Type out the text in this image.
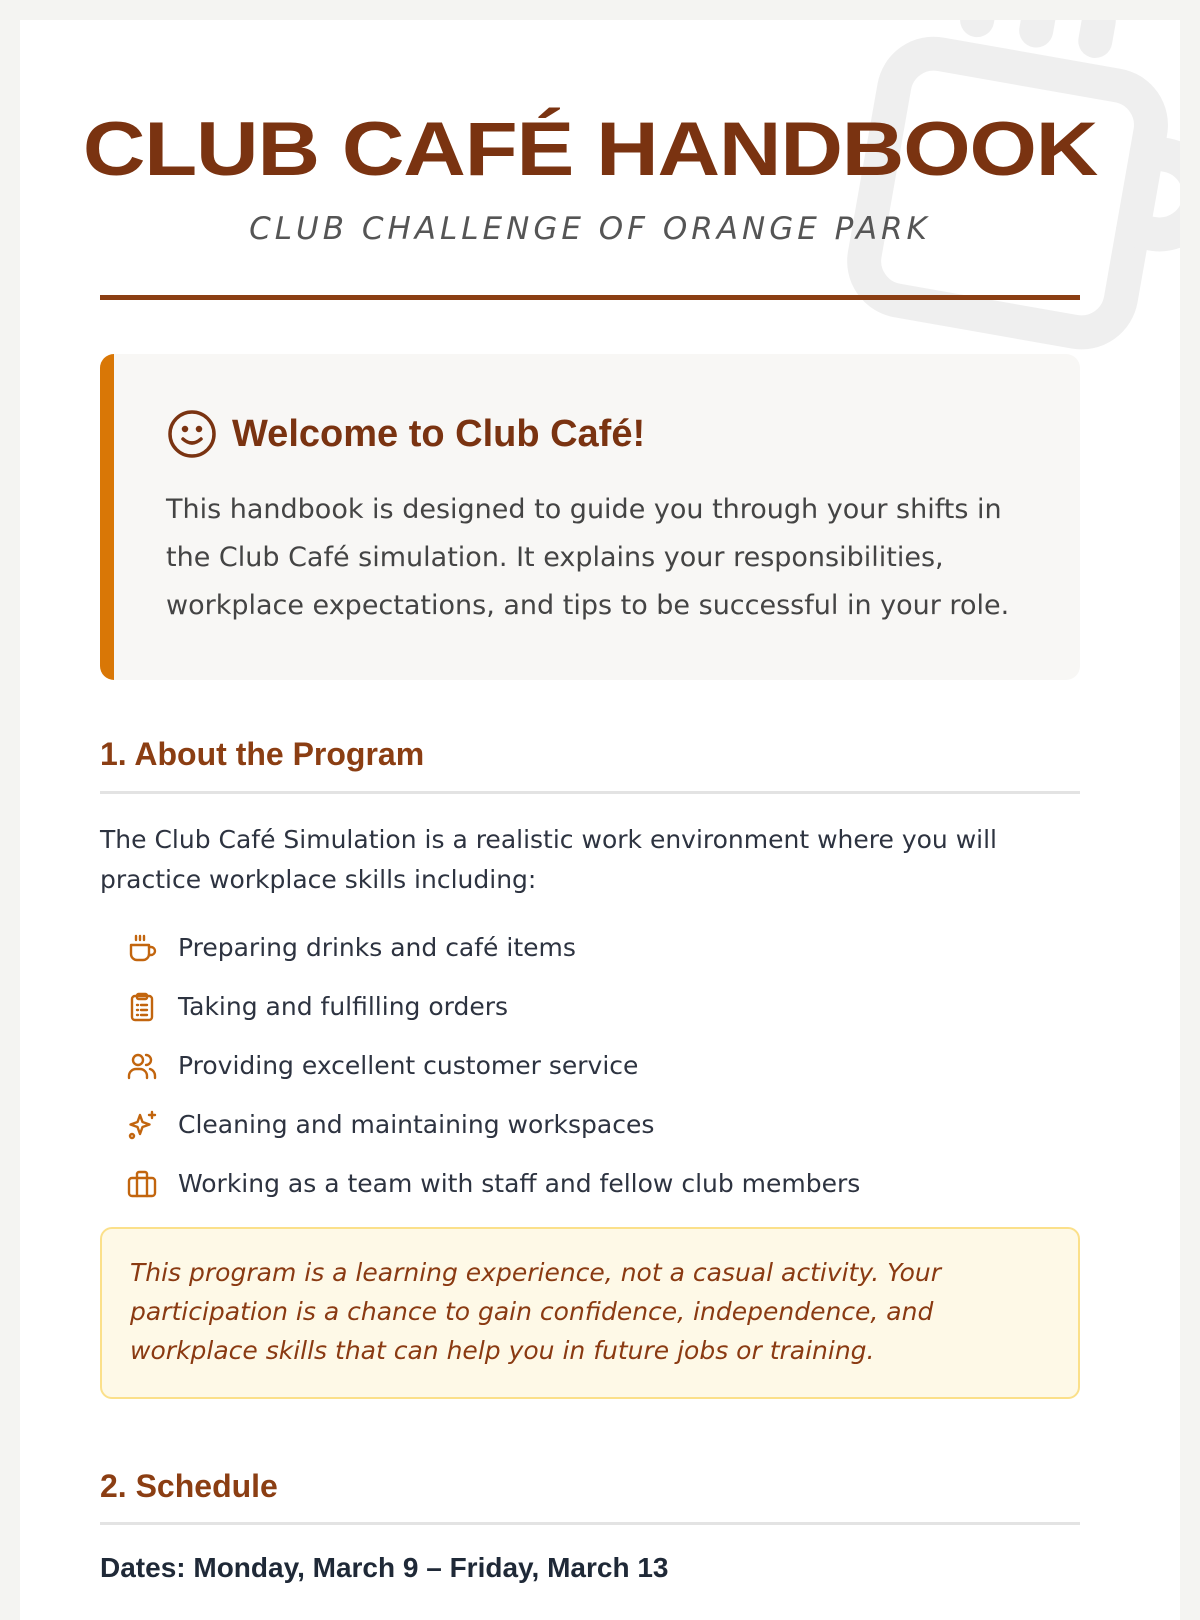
CLUB CAFÉ HANDBOOK
CLUB CHALLENGE OF ORANGE PARK
Welcome to Club Café!

This handbook is designed to guide you through your shifts in the Club Café simulation. It explains your responsibilities, workplace expectations, and tips to be successful in your role.

1. About the Program

The Club Café Simulation is a realistic work environment where you will practice workplace skills including:

Preparing drinks and café items
Taking and fulfilling orders
Providing excellent customer service
Cleaning and maintaining workspaces
Working as a team with staff and fellow club members

This program is a learning experience, not a casual activity. Your participation is a chance to gain confidence, independence, and workplace skills that can help you in future jobs or training.

2. Schedule
Dates: Monday, March 9 – Friday, March 13
